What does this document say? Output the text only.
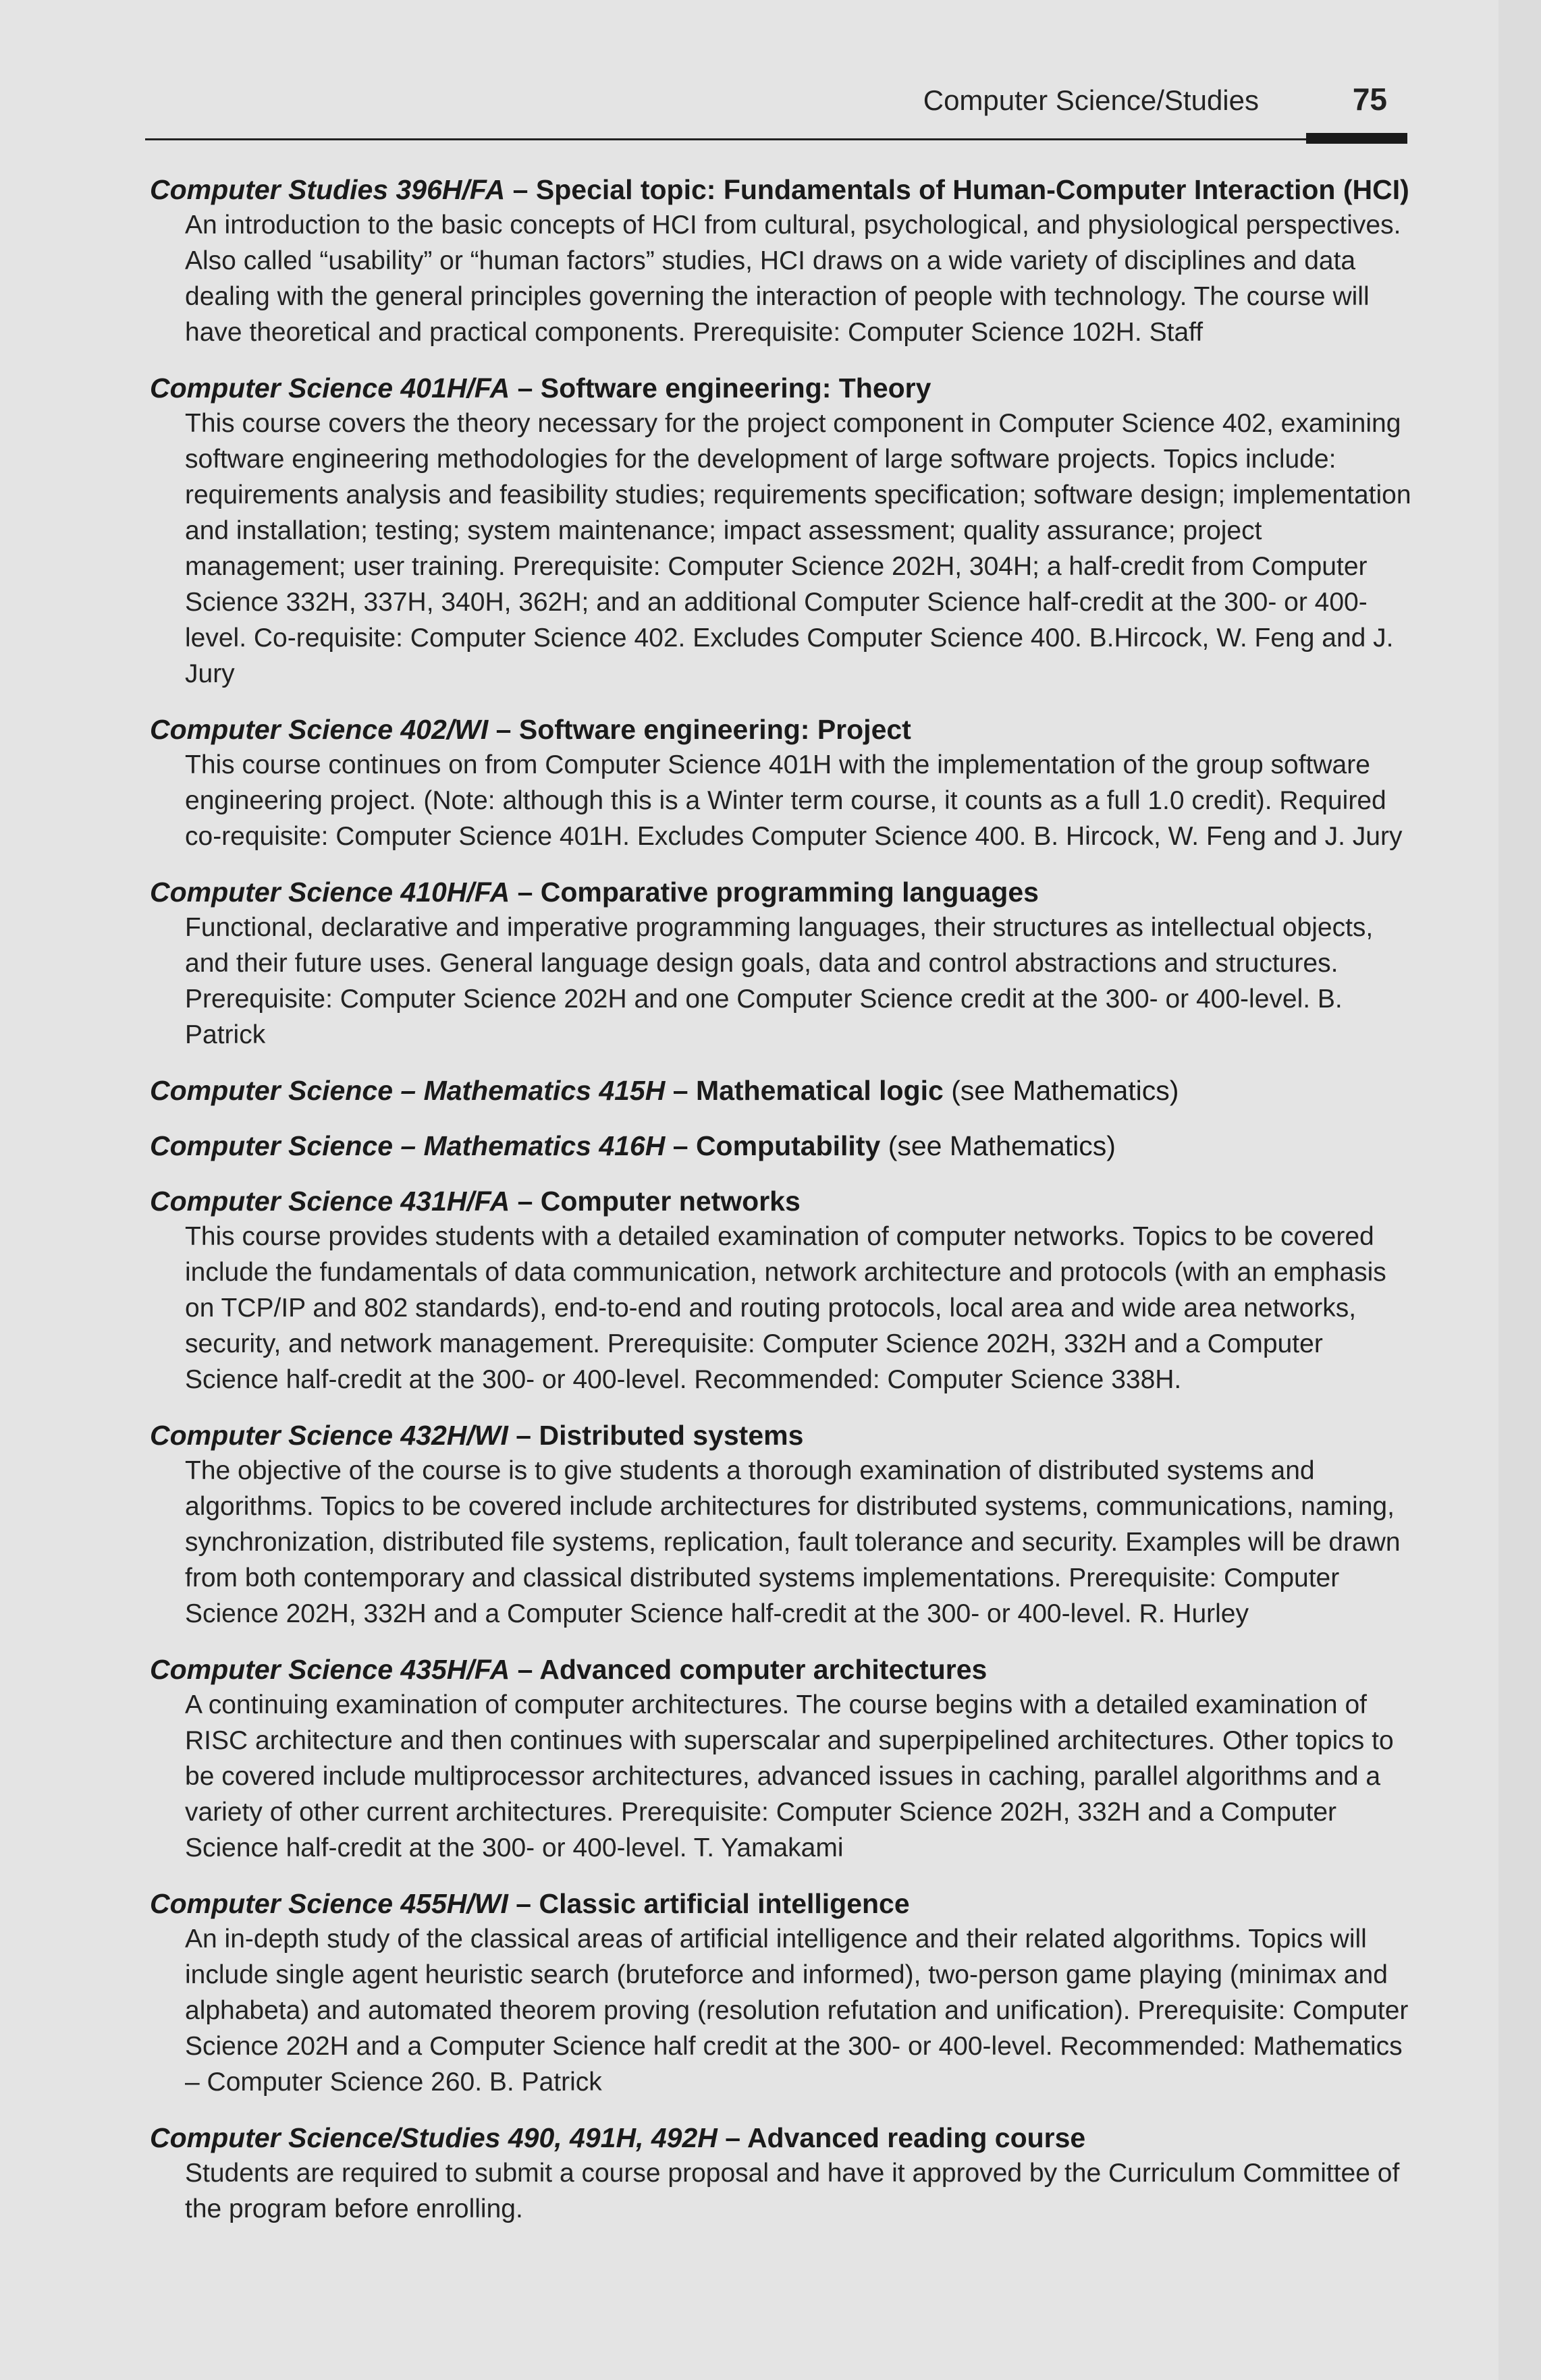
Computer Science/Studies	75
Computer Studies 396H/FA – Special topic: Fundamentals of Human-Computer Interaction (HCI)
An introduction to the basic concepts of HCI from cultural, psychological, and physiological perspectives. Also called “usability” or “human factors” studies, HCI draws on a wide variety of disciplines and data dealing with the general principles governing the interaction of people with technology. The course will have theoretical and practical components. Prerequisite: Computer Science 102H. Staff
Computer Science 401H/FA – Software engineering: Theory
This course covers the theory necessary for the project component in Computer Science 402, examining software engineering methodologies for the development of large software projects. Topics include: requirements analysis and feasibility studies; requirements specification; software design; implementation and installation; testing; system maintenance; impact assessment; quality assurance; project management; user training. Prerequisite: Computer Science 202H, 304H; a half-credit from Computer Science 332H, 337H, 340H, 362H; and an additional Computer Science half-credit at the 300- or 400-level. Co-requisite: Computer Science 402. Excludes Computer Science 400. B.Hircock, W. Feng and J. Jury
Computer Science 402/WI – Software engineering: Project
This course continues on from Computer Science 401H with the implementation of the group software engineering project. (Note: although this is a Winter term course, it counts as a full 1.0 credit). Required co-requisite: Computer Science 401H. Excludes Computer Science 400. B. Hircock, W. Feng and J. Jury
Computer Science 410H/FA – Comparative programming languages
Functional, declarative and imperative programming languages, their structures as intellectual objects, and their future uses. General language design goals, data and control abstractions and structures. Prerequisite: Computer Science 202H and one Computer Science credit at the 300- or 400-level. B. Patrick
Computer Science – Mathematics 415H – Mathematical logic (see Mathematics)
Computer Science – Mathematics 416H – Computability (see Mathematics)
Computer Science 431H/FA – Computer networks
This course provides students with a detailed examination of computer networks. Topics to be covered include the fundamentals of data communication, network architecture and protocols (with an emphasis on TCP/IP and 802 standards), end-to-end and routing protocols, local area and wide area networks, security, and network management. Prerequisite: Computer Science 202H, 332H and a Computer Science half-credit at the 300- or 400-level. Recommended: Computer Science 338H.
Computer Science 432H/WI – Distributed systems
The objective of the course is to give students a thorough examination of distributed systems and algorithms. Topics to be covered include architectures for distributed systems, communications, naming, synchronization, distributed file systems, replication, fault tolerance and security. Examples will be drawn from both contemporary and classical distributed systems implementations. Prerequisite: Computer Science 202H, 332H and a Computer Science half-credit at the 300- or 400-level. R. Hurley
Computer Science 435H/FA – Advanced computer architectures
A continuing examination of computer architectures. The course begins with a detailed examination of RISC architecture and then continues with superscalar and superpipelined architectures. Other topics to be covered include multiprocessor architectures, advanced issues in caching, parallel algorithms and a variety of other current architectures. Prerequisite: Computer Science 202H, 332H and a Computer Science half-credit at the 300- or 400-level. T. Yamakami
Computer Science 455H/WI – Classic artificial intelligence
An in-depth study of the classical areas of artificial intelligence and their related algorithms. Topics will include single agent heuristic search (bruteforce and informed), two-person game playing (minimax and alphabeta) and automated theorem proving (resolution refutation and unification). Prerequisite: Computer Science 202H and a Computer Science half credit at the 300- or 400-level. Recommended: Mathematics – Computer Science 260. B. Patrick
Computer Science/Studies 490, 491H, 492H – Advanced reading course
Students are required to submit a course proposal and have it approved by the Curriculum Committee of the program before enrolling.
